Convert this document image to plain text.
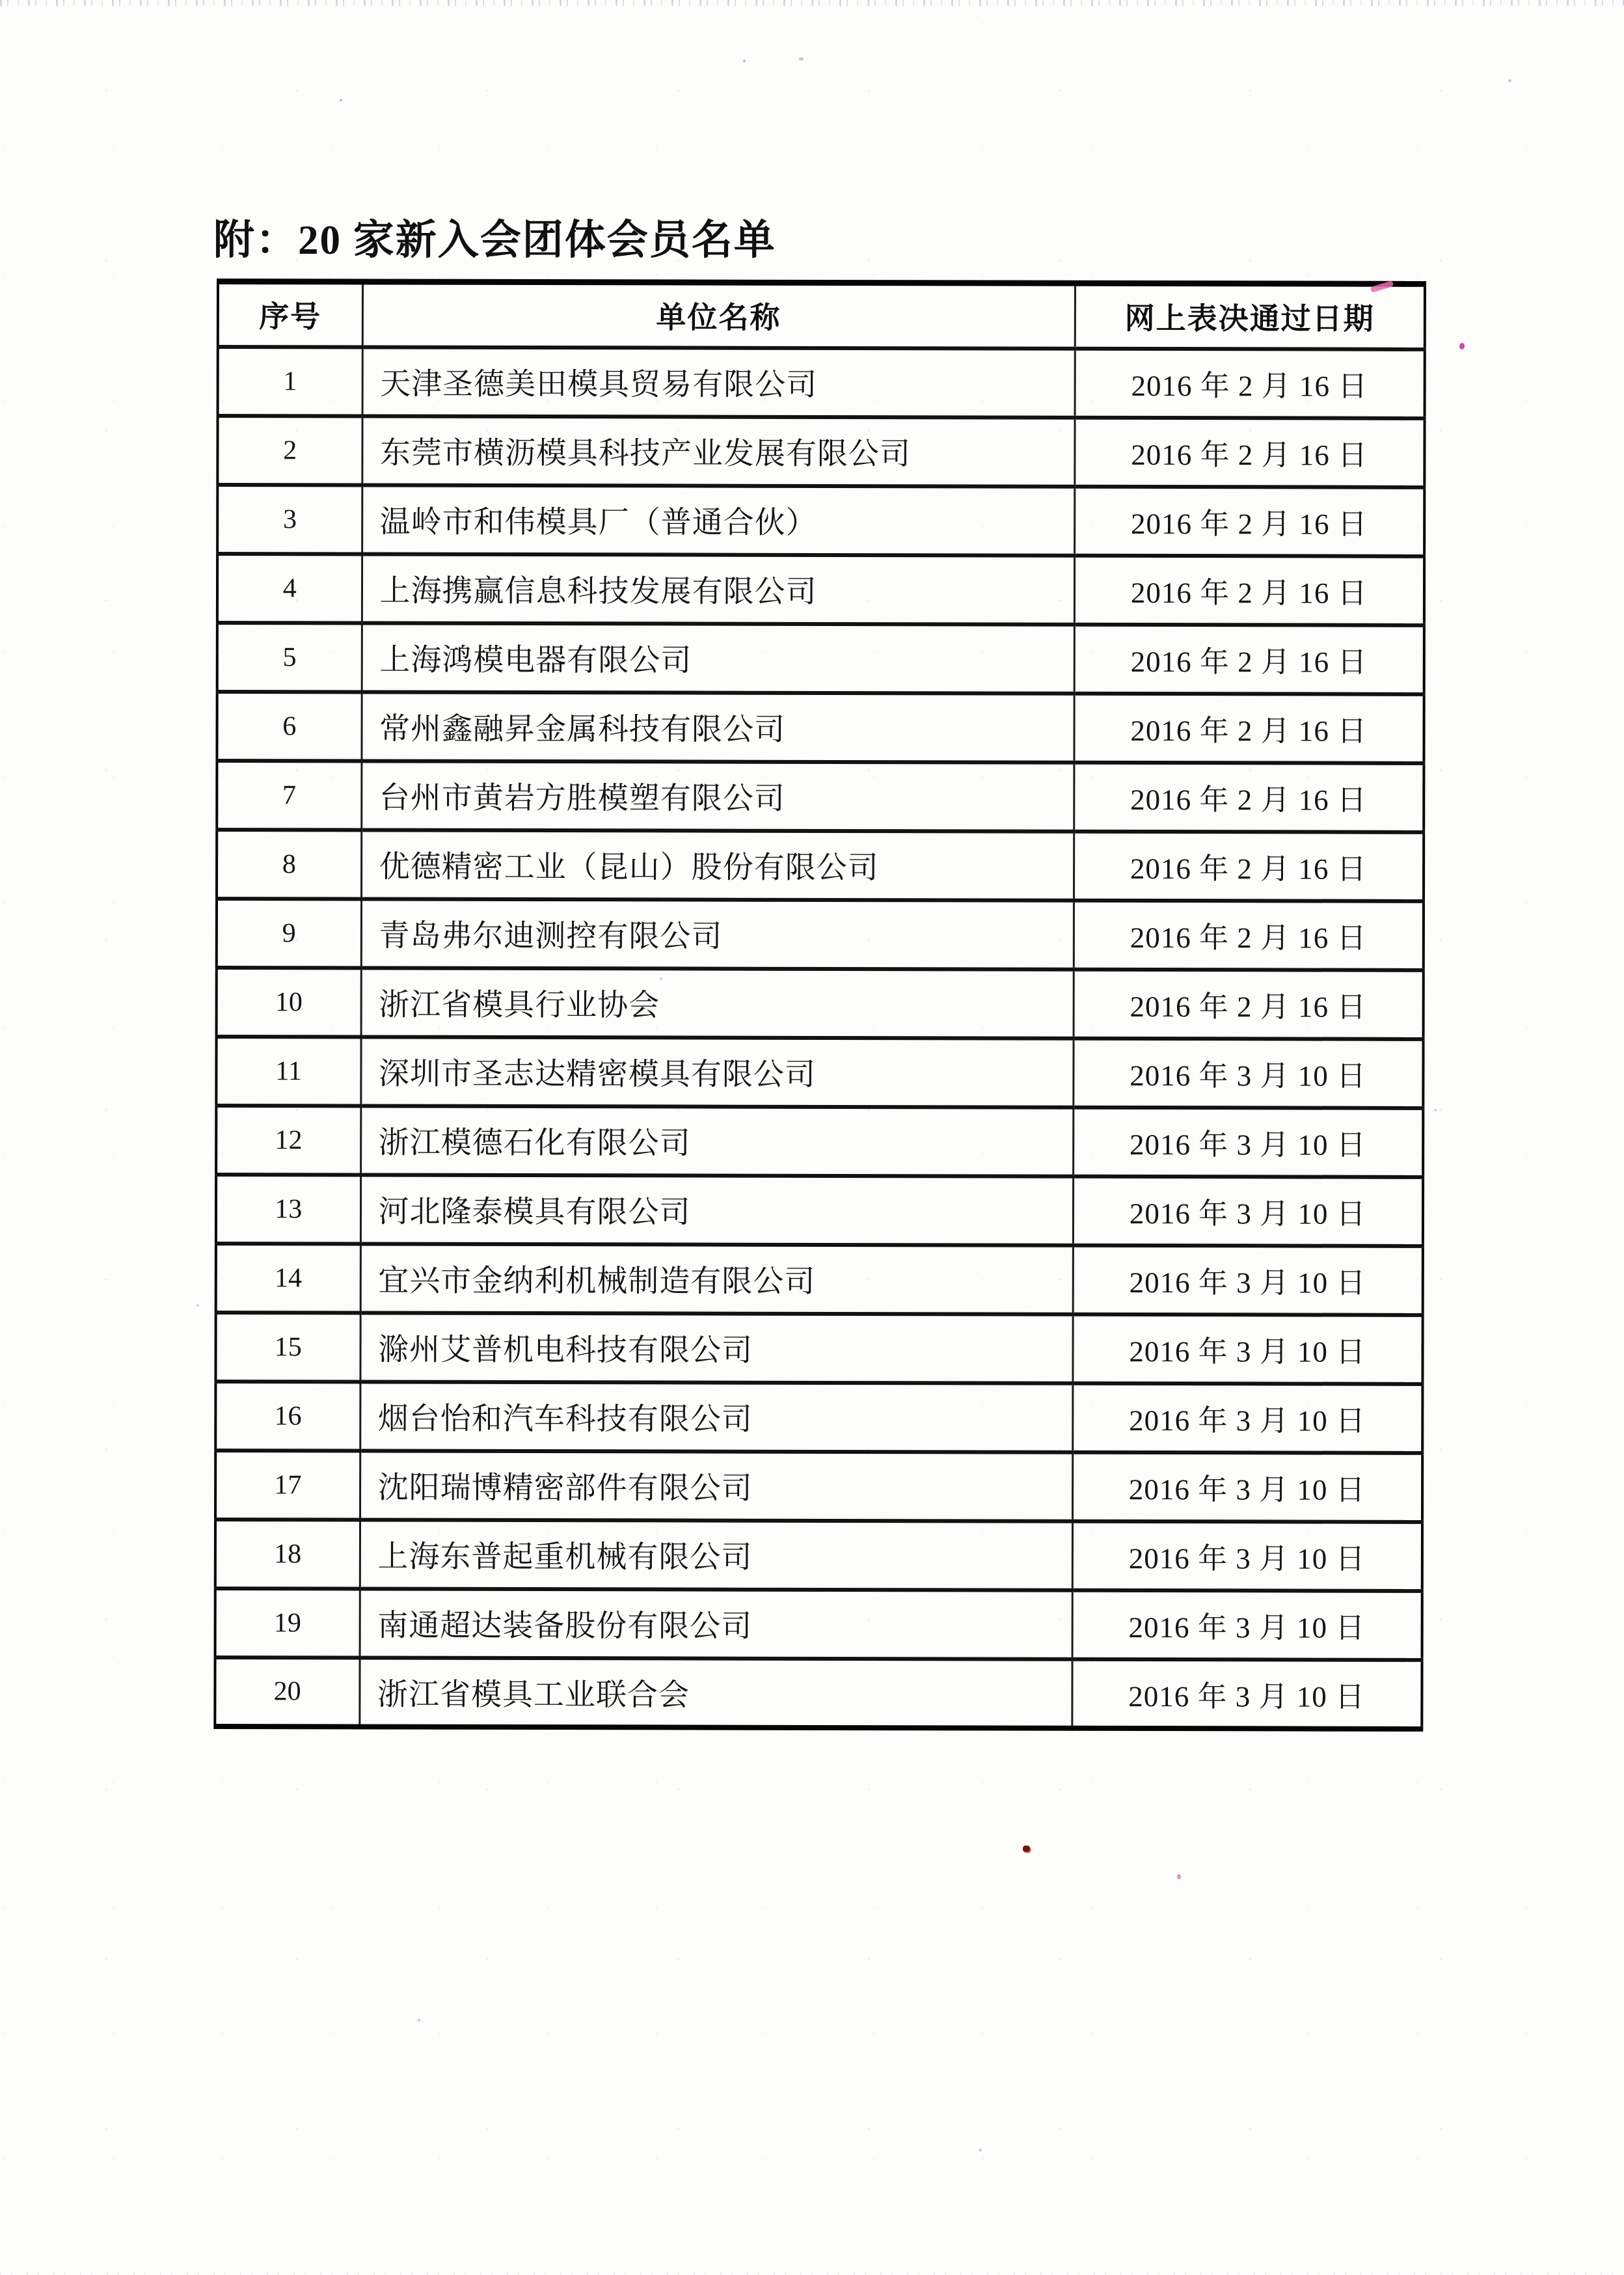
附：20 家新入会团体会员名单
序号	单位名称	网上表决通过日期
1	天津圣德美田模具贸易有限公司	2016 年 2 月 16 日
2	东莞市横沥模具科技产业发展有限公司	2016 年 2 月 16 日
3	温岭市和伟模具厂（普通合伙）	2016 年 2 月 16 日
4	上海携赢信息科技发展有限公司	2016 年 2 月 16 日
5	上海鸿模电器有限公司	2016 年 2 月 16 日
6	常州鑫融昇金属科技有限公司	2016 年 2 月 16 日
7	台州市黄岩方胜模塑有限公司	2016 年 2 月 16 日
8	优德精密工业（昆山）股份有限公司	2016 年 2 月 16 日
9	青岛弗尔迪测控有限公司	2016 年 2 月 16 日
10	浙江省模具行业协会	2016 年 2 月 16 日
11	深圳市圣志达精密模具有限公司	2016 年 3 月 10 日
12	浙江模德石化有限公司	2016 年 3 月 10 日
13	河北隆泰模具有限公司	2016 年 3 月 10 日
14	宜兴市金纳利机械制造有限公司	2016 年 3 月 10 日
15	滁州艾普机电科技有限公司	2016 年 3 月 10 日
16	烟台怡和汽车科技有限公司	2016 年 3 月 10 日
17	沈阳瑞博精密部件有限公司	2016 年 3 月 10 日
18	上海东普起重机械有限公司	2016 年 3 月 10 日
19	南通超达装备股份有限公司	2016 年 3 月 10 日
20	浙江省模具工业联合会	2016 年 3 月 10 日
